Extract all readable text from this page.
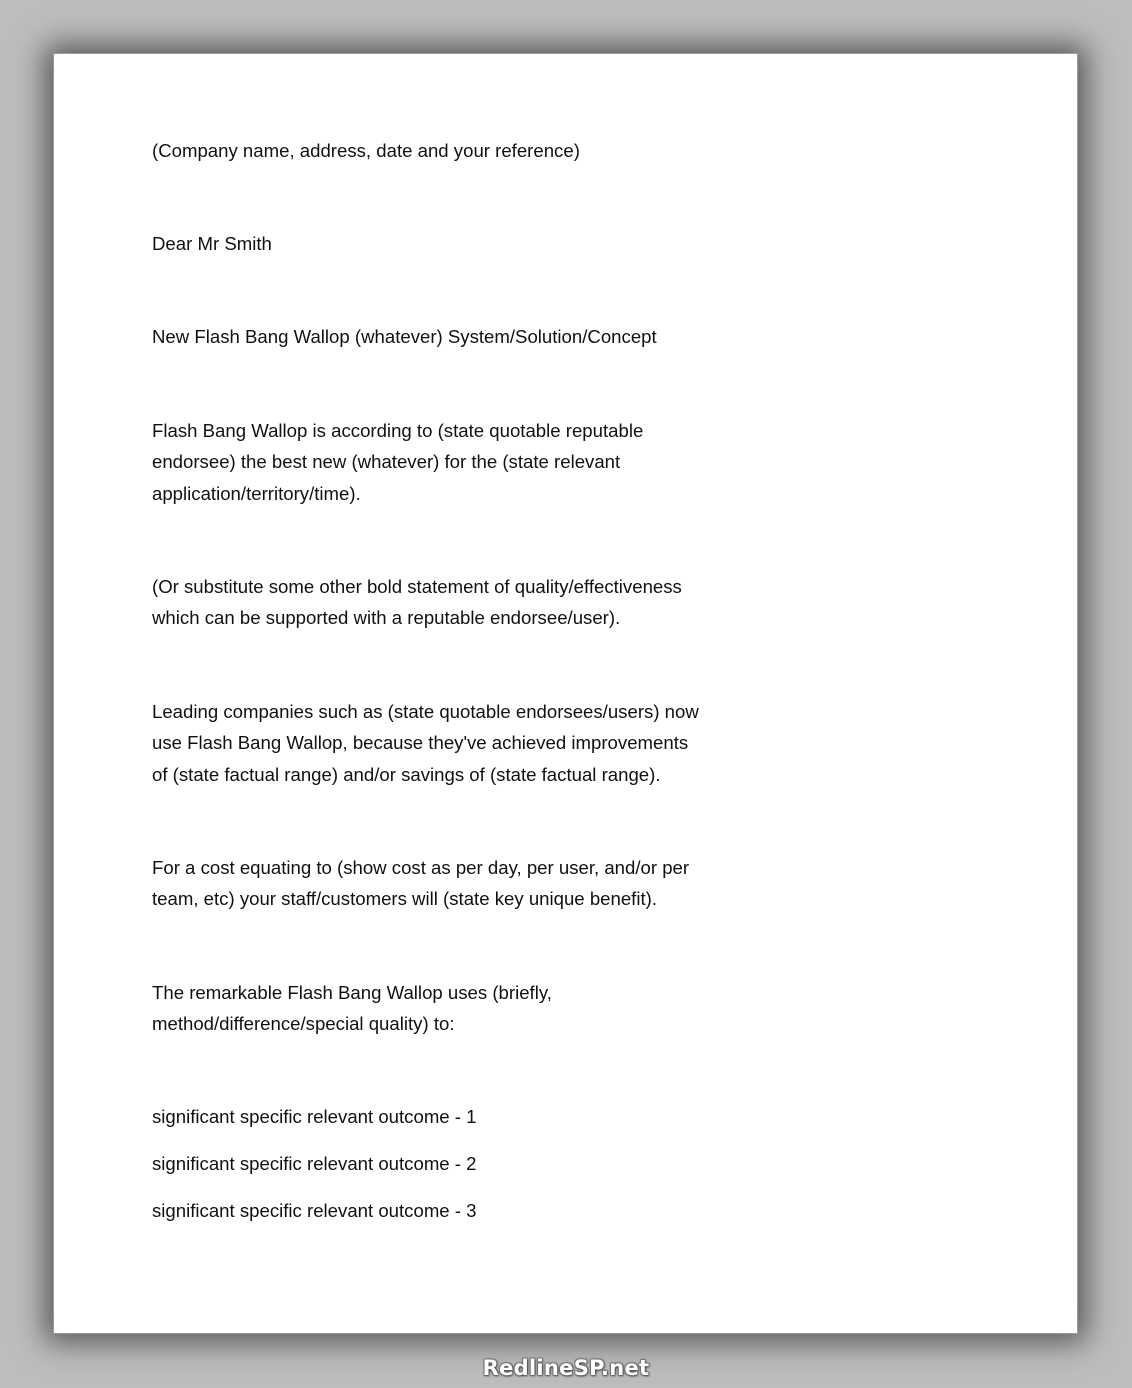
(Company name, address, date and your reference)
Dear Mr Smith
New Flash Bang Wallop (whatever) System/Solution/Concept
Flash Bang Wallop is according to (state quotable reputable
endorsee) the best new (whatever) for the (state relevant
application/territory/time).
(Or substitute some other bold statement of quality/effectiveness
which can be supported with a reputable endorsee/user).
Leading companies such as (state quotable endorsees/users) now
use Flash Bang Wallop, because they've achieved improvements
of (state factual range) and/or savings of (state factual range).
For a cost equating to (show cost as per day, per user, and/or per
team, etc) your staff/customers will (state key unique benefit).
The remarkable Flash Bang Wallop uses (briefly,
method/difference/special quality) to:
significant specific relevant outcome - 1
significant specific relevant outcome - 2
significant specific relevant outcome - 3
RedlineSP.net
